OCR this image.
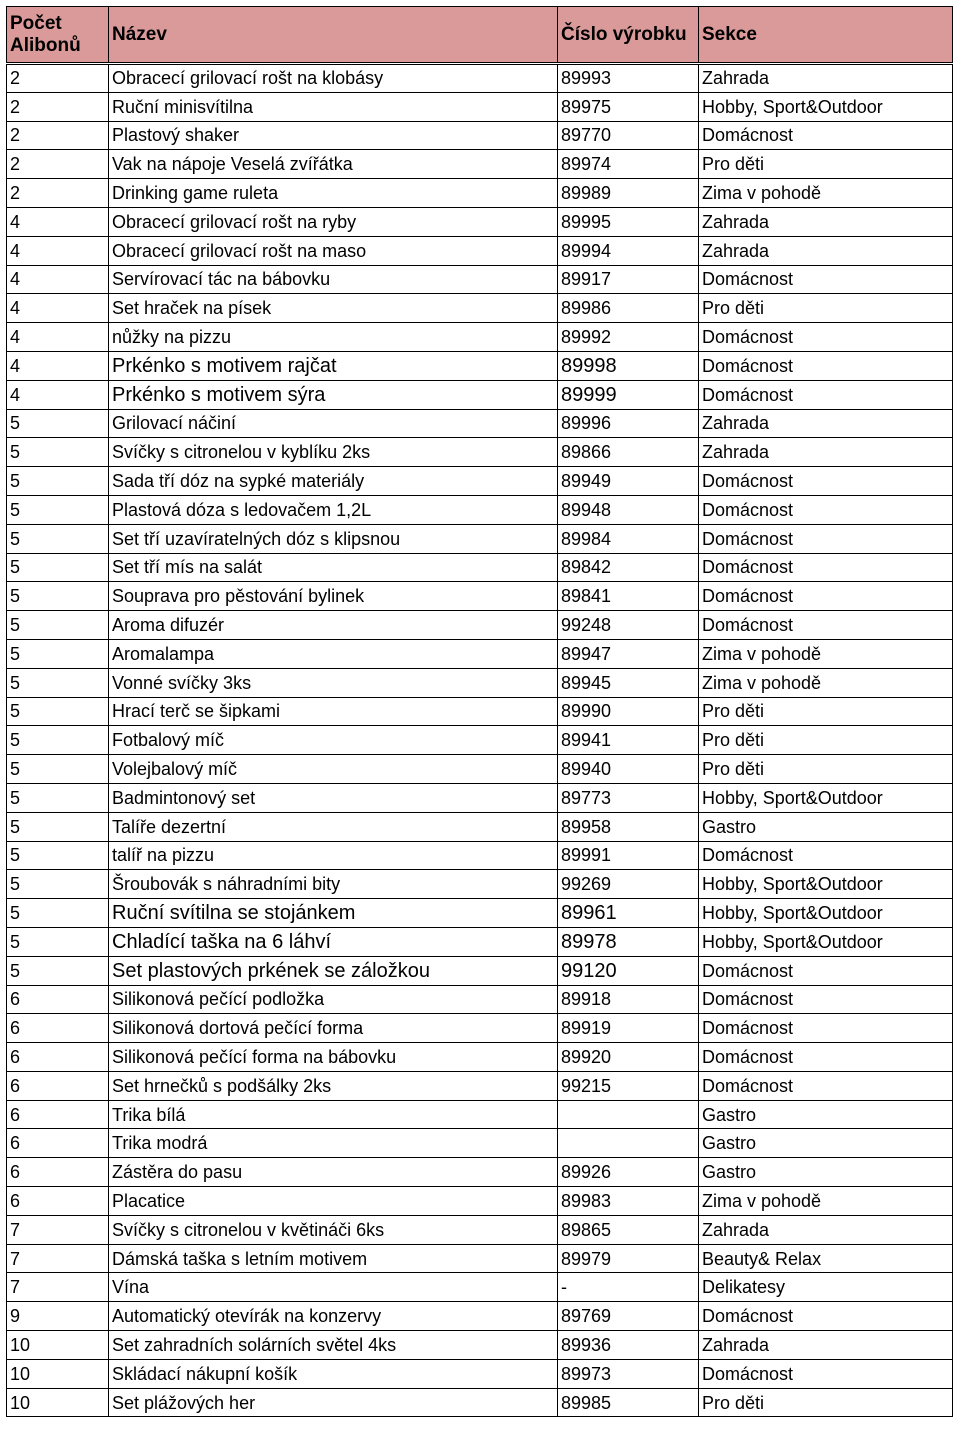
Počet Alibonů	Název	Číslo výrobku	Sekce
2	Obracecí grilovací rošt na klobásy	89993	Zahrada
2	Ruční minisvítilna	89975	Hobby, Sport&Outdoor
2	Plastový shaker	89770	Domácnost
2	Vak na nápoje Veselá zvířátka	89974	Pro děti
2	Drinking game ruleta	89989	Zima v pohodě
4	Obracecí grilovací rošt na ryby	89995	Zahrada
4	Obracecí grilovací rošt na maso	89994	Zahrada
4	Servírovací tác na bábovku	89917	Domácnost
4	Set hraček na písek	89986	Pro děti
4	nůžky na pizzu	89992	Domácnost
4	Prkénko s motivem rajčat	89998	Domácnost
4	Prkénko s motivem sýra	89999	Domácnost
5	Grilovací náčiní	89996	Zahrada
5	Svíčky s citronelou v kyblíku 2ks	89866	Zahrada
5	Sada tří dóz na sypké materiály	89949	Domácnost
5	Plastová dóza s ledovačem 1,2L	89948	Domácnost
5	Set tří uzavíratelných dóz s klipsnou	89984	Domácnost
5	Set tří mís na salát	89842	Domácnost
5	Souprava pro pěstování bylinek	89841	Domácnost
5	Aroma difuzér	99248	Domácnost
5	Aromalampa	89947	Zima v pohodě
5	Vonné svíčky 3ks	89945	Zima v pohodě
5	Hrací terč se šipkami	89990	Pro děti
5	Fotbalový míč	89941	Pro děti
5	Volejbalový míč	89940	Pro děti
5	Badmintonový set	89773	Hobby, Sport&Outdoor
5	Talíře dezertní	89958	Gastro
5	talíř na pizzu	89991	Domácnost
5	Šroubovák s náhradními bity	99269	Hobby, Sport&Outdoor
5	Ruční svítilna se stojánkem	89961	Hobby, Sport&Outdoor
5	Chladící taška na 6 láhví	89978	Hobby, Sport&Outdoor
5	Set plastových prkének se záložkou	99120	Domácnost
6	Silikonová pečící podložka	89918	Domácnost
6	Silikonová dortová pečící forma	89919	Domácnost
6	Silikonová pečící forma na bábovku	89920	Domácnost
6	Set hrnečků s podšálky 2ks	99215	Domácnost
6	Trika bílá		Gastro
6	Trika modrá		Gastro
6	Zástěra do pasu	89926	Gastro
6	Placatice	89983	Zima v pohodě
7	Svíčky s citronelou v květináči 6ks	89865	Zahrada
7	Dámská taška s letním motivem	89979	Beauty& Relax
7	Vína	-	Delikatesy
9	Automatický otevírák na konzervy	89769	Domácnost
10	Set zahradních solárních světel 4ks	89936	Zahrada
10	Skládací nákupní košík	89973	Domácnost
10	Set plážových her	89985	Pro děti
